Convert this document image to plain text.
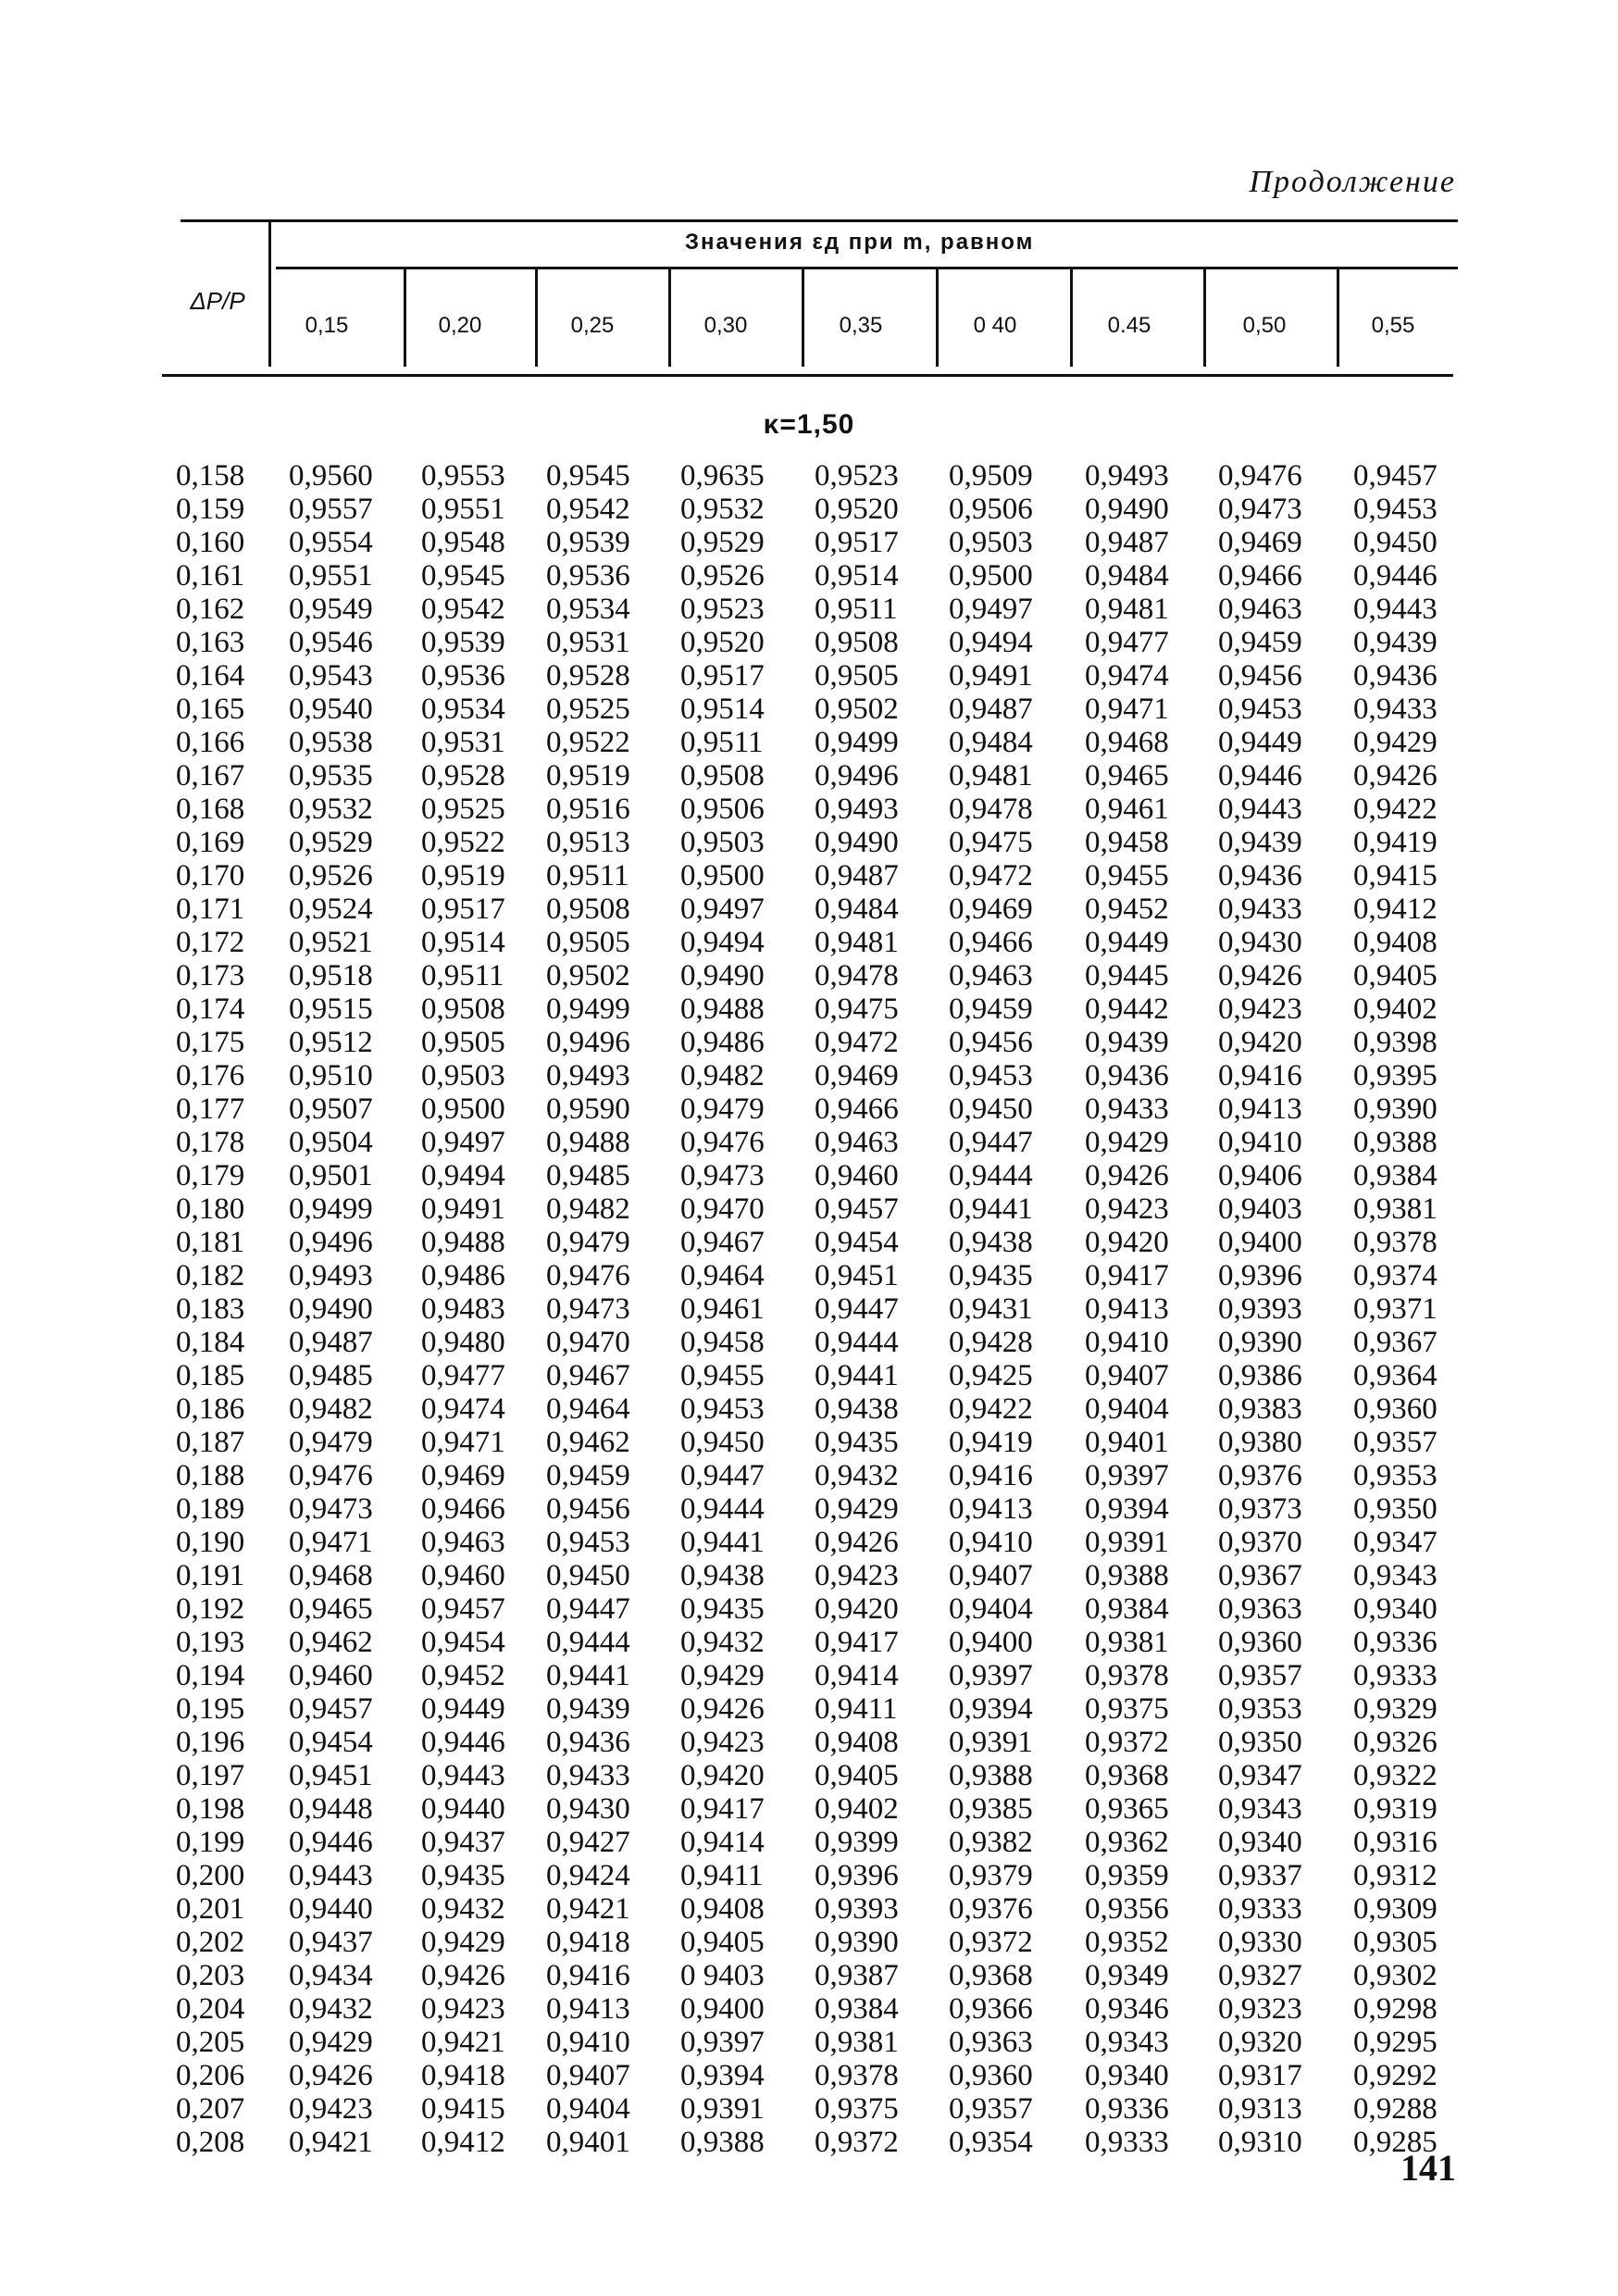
Продолжение
ΔP/P
Значения εд при m, равном
0,15	0,20	0,25	0,30	0,35	0 40	0.45	0,50	0,55
κ=1,50
0,158 0,9560 0,9553 0,9545 0,9635 0,9523 0,9509 0,9493 0,9476 0,9457
0,159 0,9557 0,9551 0,9542 0,9532 0,9520 0,9506 0,9490 0,9473 0,9453
0,160 0,9554 0,9548 0,9539 0,9529 0,9517 0,9503 0,9487 0,9469 0,9450
0,161 0,9551 0,9545 0,9536 0,9526 0,9514 0,9500 0,9484 0,9466 0,9446
0,162 0,9549 0,9542 0,9534 0,9523 0,9511 0,9497 0,9481 0,9463 0,9443
0,163 0,9546 0,9539 0,9531 0,9520 0,9508 0,9494 0,9477 0,9459 0,9439
0,164 0,9543 0,9536 0,9528 0,9517 0,9505 0,9491 0,9474 0,9456 0,9436
0,165 0,9540 0,9534 0,9525 0,9514 0,9502 0,9487 0,9471 0,9453 0,9433
0,166 0,9538 0,9531 0,9522 0,9511 0,9499 0,9484 0,9468 0,9449 0,9429
0,167 0,9535 0,9528 0,9519 0,9508 0,9496 0,9481 0,9465 0,9446 0,9426
0,168 0,9532 0,9525 0,9516 0,9506 0,9493 0,9478 0,9461 0,9443 0,9422
0,169 0,9529 0,9522 0,9513 0,9503 0,9490 0,9475 0,9458 0,9439 0,9419
0,170 0,9526 0,9519 0,9511 0,9500 0,9487 0,9472 0,9455 0,9436 0,9415
0,171 0,9524 0,9517 0,9508 0,9497 0,9484 0,9469 0,9452 0,9433 0,9412
0,172 0,9521 0,9514 0,9505 0,9494 0,9481 0,9466 0,9449 0,9430 0,9408
0,173 0,9518 0,9511 0,9502 0,9490 0,9478 0,9463 0,9445 0,9426 0,9405
0,174 0,9515 0,9508 0,9499 0,9488 0,9475 0,9459 0,9442 0,9423 0,9402
0,175 0,9512 0,9505 0,9496 0,9486 0,9472 0,9456 0,9439 0,9420 0,9398
0,176 0,9510 0,9503 0,9493 0,9482 0,9469 0,9453 0,9436 0,9416 0,9395
0,177 0,9507 0,9500 0,9590 0,9479 0,9466 0,9450 0,9433 0,9413 0,9390
0,178 0,9504 0,9497 0,9488 0,9476 0,9463 0,9447 0,9429 0,9410 0,9388
0,179 0,9501 0,9494 0,9485 0,9473 0,9460 0,9444 0,9426 0,9406 0,9384
0,180 0,9499 0,9491 0,9482 0,9470 0,9457 0,9441 0,9423 0,9403 0,9381
0,181 0,9496 0,9488 0,9479 0,9467 0,9454 0,9438 0,9420 0,9400 0,9378
0,182 0,9493 0,9486 0,9476 0,9464 0,9451 0,9435 0,9417 0,9396 0,9374
0,183 0,9490 0,9483 0,9473 0,9461 0,9447 0,9431 0,9413 0,9393 0,9371
0,184 0,9487 0,9480 0,9470 0,9458 0,9444 0,9428 0,9410 0,9390 0,9367
0,185 0,9485 0,9477 0,9467 0,9455 0,9441 0,9425 0,9407 0,9386 0,9364
0,186 0,9482 0,9474 0,9464 0,9453 0,9438 0,9422 0,9404 0,9383 0,9360
0,187 0,9479 0,9471 0,9462 0,9450 0,9435 0,9419 0,9401 0,9380 0,9357
0,188 0,9476 0,9469 0,9459 0,9447 0,9432 0,9416 0,9397 0,9376 0,9353
0,189 0,9473 0,9466 0,9456 0,9444 0,9429 0,9413 0,9394 0,9373 0,9350
0,190 0,9471 0,9463 0,9453 0,9441 0,9426 0,9410 0,9391 0,9370 0,9347
0,191 0,9468 0,9460 0,9450 0,9438 0,9423 0,9407 0,9388 0,9367 0,9343
0,192 0,9465 0,9457 0,9447 0,9435 0,9420 0,9404 0,9384 0,9363 0,9340
0,193 0,9462 0,9454 0,9444 0,9432 0,9417 0,9400 0,9381 0,9360 0,9336
0,194 0,9460 0,9452 0,9441 0,9429 0,9414 0,9397 0,9378 0,9357 0,9333
0,195 0,9457 0,9449 0,9439 0,9426 0,9411 0,9394 0,9375 0,9353 0,9329
0,196 0,9454 0,9446 0,9436 0,9423 0,9408 0,9391 0,9372 0,9350 0,9326
0,197 0,9451 0,9443 0,9433 0,9420 0,9405 0,9388 0,9368 0,9347 0,9322
0,198 0,9448 0,9440 0,9430 0,9417 0,9402 0,9385 0,9365 0,9343 0,9319
0,199 0,9446 0,9437 0,9427 0,9414 0,9399 0,9382 0,9362 0,9340 0,9316
0,200 0,9443 0,9435 0,9424 0,9411 0,9396 0,9379 0,9359 0,9337 0,9312
0,201 0,9440 0,9432 0,9421 0,9408 0,9393 0,9376 0,9356 0,9333 0,9309
0,202 0,9437 0,9429 0,9418 0,9405 0,9390 0,9372 0,9352 0,9330 0,9305
0,203 0,9434 0,9426 0,9416 0 9403 0,9387 0,9368 0,9349 0,9327 0,9302
0,204 0,9432 0,9423 0,9413 0,9400 0,9384 0,9366 0,9346 0,9323 0,9298
0,205 0,9429 0,9421 0,9410 0,9397 0,9381 0,9363 0,9343 0,9320 0,9295
0,206 0,9426 0,9418 0,9407 0,9394 0,9378 0,9360 0,9340 0,9317 0,9292
0,207 0,9423 0,9415 0,9404 0,9391 0,9375 0,9357 0,9336 0,9313 0,9288
0,208 0,9421 0,9412 0,9401 0,9388 0,9372 0,9354 0,9333 0,9310 0,9285
141
